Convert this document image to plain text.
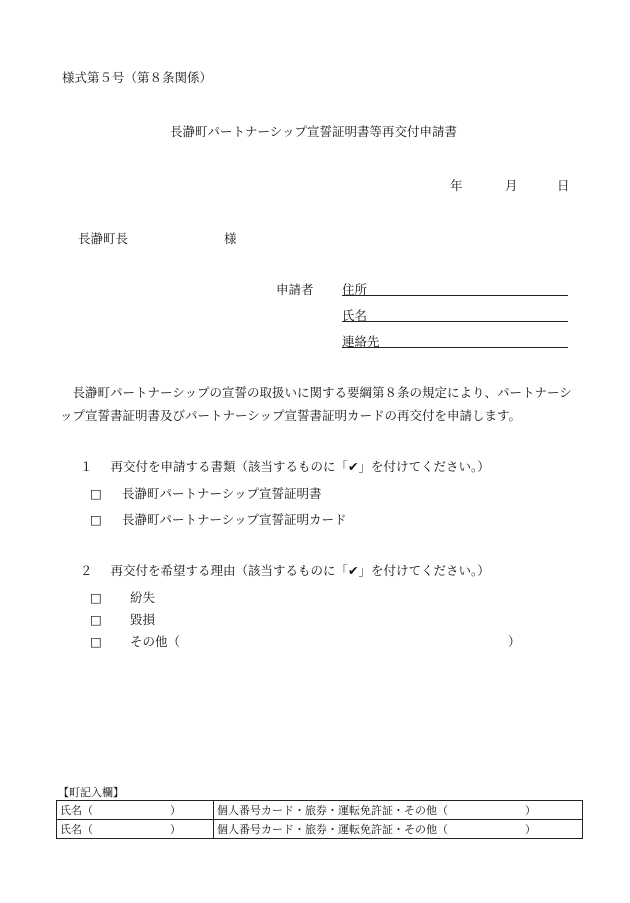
様式第５号（第８条関係）
長瀞町パートナーシップ宣誓証明書等再交付申請書
年	月	日
長瀞町長	様
申請者 住所
氏名
連絡先
長瀞町パートナーシップの宣誓の取扱いに関する要綱第８条の規定により、パートナーシップ宣誓書証明書及びパートナーシップ宣誓書証明カードの再交付を申請します。
１ 再交付を申請する書類（該当するものに「✔」を付けてください。）
□ 長瀞町パートナーシップ宣誓証明書
□ 長瀞町パートナーシップ宣誓証明カード
２ 再交付を希望する理由（該当するものに「✔」を付けてください。）
□ 紛失
□ 毀損
□ その他（	）
【町記入欄】
氏名（　　　　　　　）	個人番号カード・旅券・運転免許証・その他（　　　　　　　）
氏名（　　　　　　　）	個人番号カード・旅券・運転免許証・その他（　　　　　　　）
